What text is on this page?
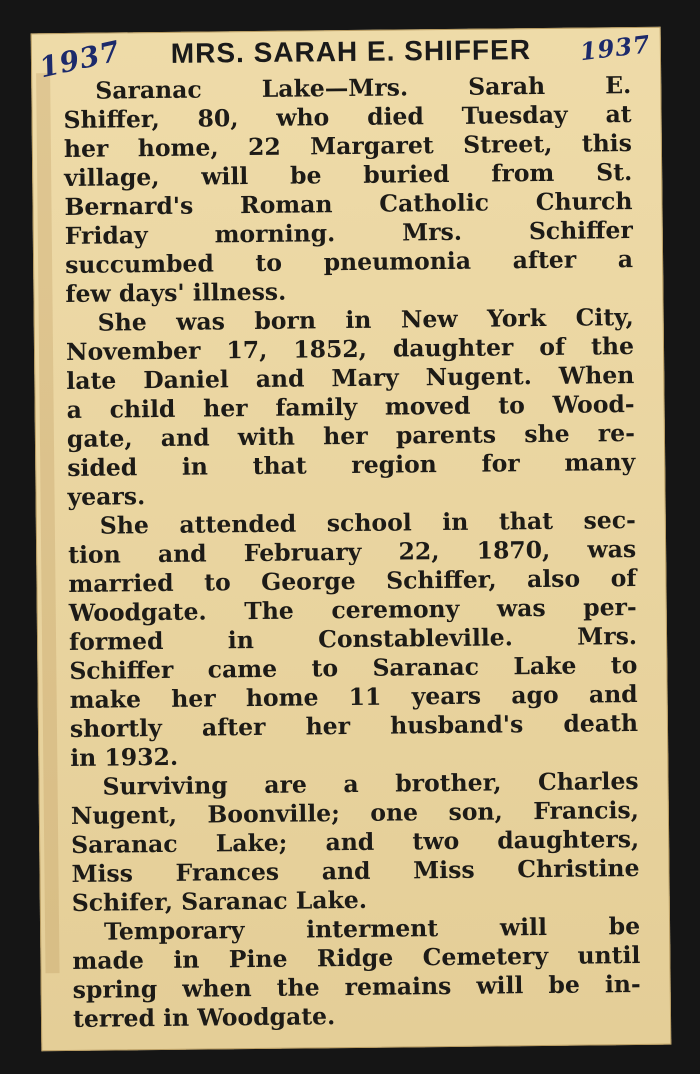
1937	1937
MRS. SARAH E. SHIFFER
Saranac Lake—Mrs. Sarah E.
Shiffer, 80, who died Tuesday at
her home, 22 Margaret Street, this
village, will be buried from St.
Bernard's Roman Catholic Church
Friday morning. Mrs. Schiffer
succumbed to pneumonia after a
few days' illness.
She was born in New York City,
November 17, 1852, daughter of the
late Daniel and Mary Nugent. When
a child her family moved to Wood-
gate, and with her parents she re-
sided in that region for many
years.
She attended school in that sec-
tion and February 22, 1870, was
married to George Schiffer, also of
Woodgate. The ceremony was per-
formed in Constableville. Mrs.
Schiffer came to Saranac Lake to
make her home 11 years ago and
shortly after her husband's death
in 1932.
Surviving are a brother, Charles
Nugent, Boonville; one son, Francis,
Saranac Lake; and two daughters,
Miss Frances and Miss Christine
Schifer, Saranac Lake.
Temporary interment will be
made in Pine Ridge Cemetery until
spring when the remains will be in-
terred in Woodgate.
